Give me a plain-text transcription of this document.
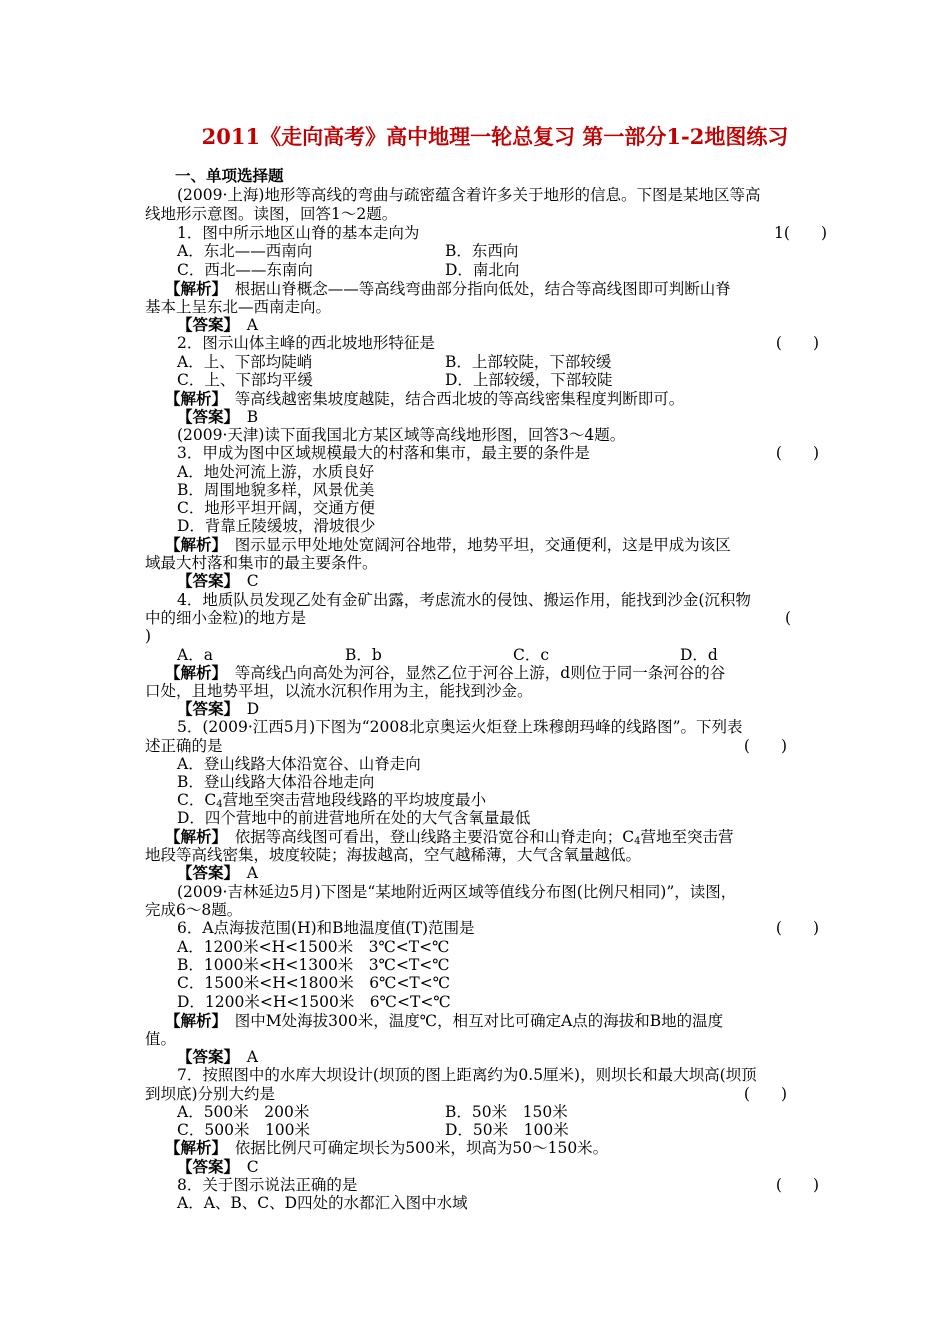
2011《走向高考》高中地理一轮总复习 第一部分1-2地图练习
一、单项选择题
(2009·上海)地形等高线的弯曲与疏密蕴含着许多关于地形的信息。下图是某地区等高
线地形示意图。读图，回答1～2题。
1．图中所示地区山脊的基本走向为	1(　　)
A．东北——西南向	B．东西向
C．西北——东南向	D．南北向
【解析】　 根据山脊概念——等高线弯曲部分指向低处，结合等高线图即可判断山脊
基本上呈东北—西南走向。
【答案】　 A
2．图示山体主峰的西北坡地形特征是	(　　)
A．上、下部均陡峭	B．上部较陡，下部较缓
C．上、下部均平缓	D．上部较缓，下部较陡
【解析】　 等高线越密集坡度越陡，结合西北坡的等高线密集程度判断即可。
【答案】　 B
(2009·天津)读下面我国北方某区域等高线地形图，回答3～4题。
3．甲成为图中区域规模最大的村落和集市，最主要的条件是	(　　)
A．地处河流上游，水质良好
B．周围地貌多样，风景优美
C．地形平坦开阔，交通方便
D．背靠丘陵缓坡，滑坡很少
【解析】　 图示显示甲处地处宽阔河谷地带，地势平坦，交通便利，这是甲成为该区
域最大村落和集市的最主要条件。
【答案】　 C
4．地质队员发现乙处有金矿出露，考虑流水的侵蚀、搬运作用，能找到沙金(沉积物
中的细小金粒)的地方是	(
)
A．a	B．b	C．c	D．d
【解析】　 等高线凸向高处为河谷，显然乙位于河谷上游，d则位于同一条河谷的谷
口处，且地势平坦，以流水沉积作用为主，能找到沙金。
【答案】　 D
5．(2009·江西5月)下图为“2008北京奥运火炬登上珠穆朗玛峰的线路图”。下列表
述正确的是	(　　)
A．登山线路大体沿宽谷、山脊走向
B．登山线路大体沿谷地走向
C．$C_4$营地至突击营地段线路的平均坡度最小
D．四个营地中的前进营地所在处的大气含氧量最低
【解析】　 依据等高线图可看出，登山线路主要沿宽谷和山脊走向；$C_4$营地至突击营
地段等高线密集，坡度较陡；海拔越高，空气越稀薄，大气含氧量越低。
【答案】　 A
(2009·吉林延边5月)下图是“某地附近两区域等值线分布图(比例尺相同)”，读图，
完成6～8题。
6．A点海拔范围(H)和B地温度值(T)范围是	(　　)
A．1200米<H<1500米　3℃<T<℃
B．1000米<H<1300米　3℃<T<℃
C．1500米<H<1800米　6℃<T<℃
D．1200米<H<1500米　6℃<T<℃
【解析】　 图中M处海拔300米，温度℃，相互对比可确定A点的海拔和B地的温度
值。
【答案】　 A
7．按照图中的水库大坝设计(坝顶的图上距离约为0.5厘米)，则坝长和最大坝高(坝顶
到坝底)分别大约是	(　　)
A．500米　200米	B．50米　150米
C．500米　100米	D．50米　100米
【解析】　 依据比例尺可确定坝长为500米，坝高为50～150米。
【答案】　 C
8．关于图示说法正确的是	(　　)
A．A、B、C、D四处的水都汇入图中水域
